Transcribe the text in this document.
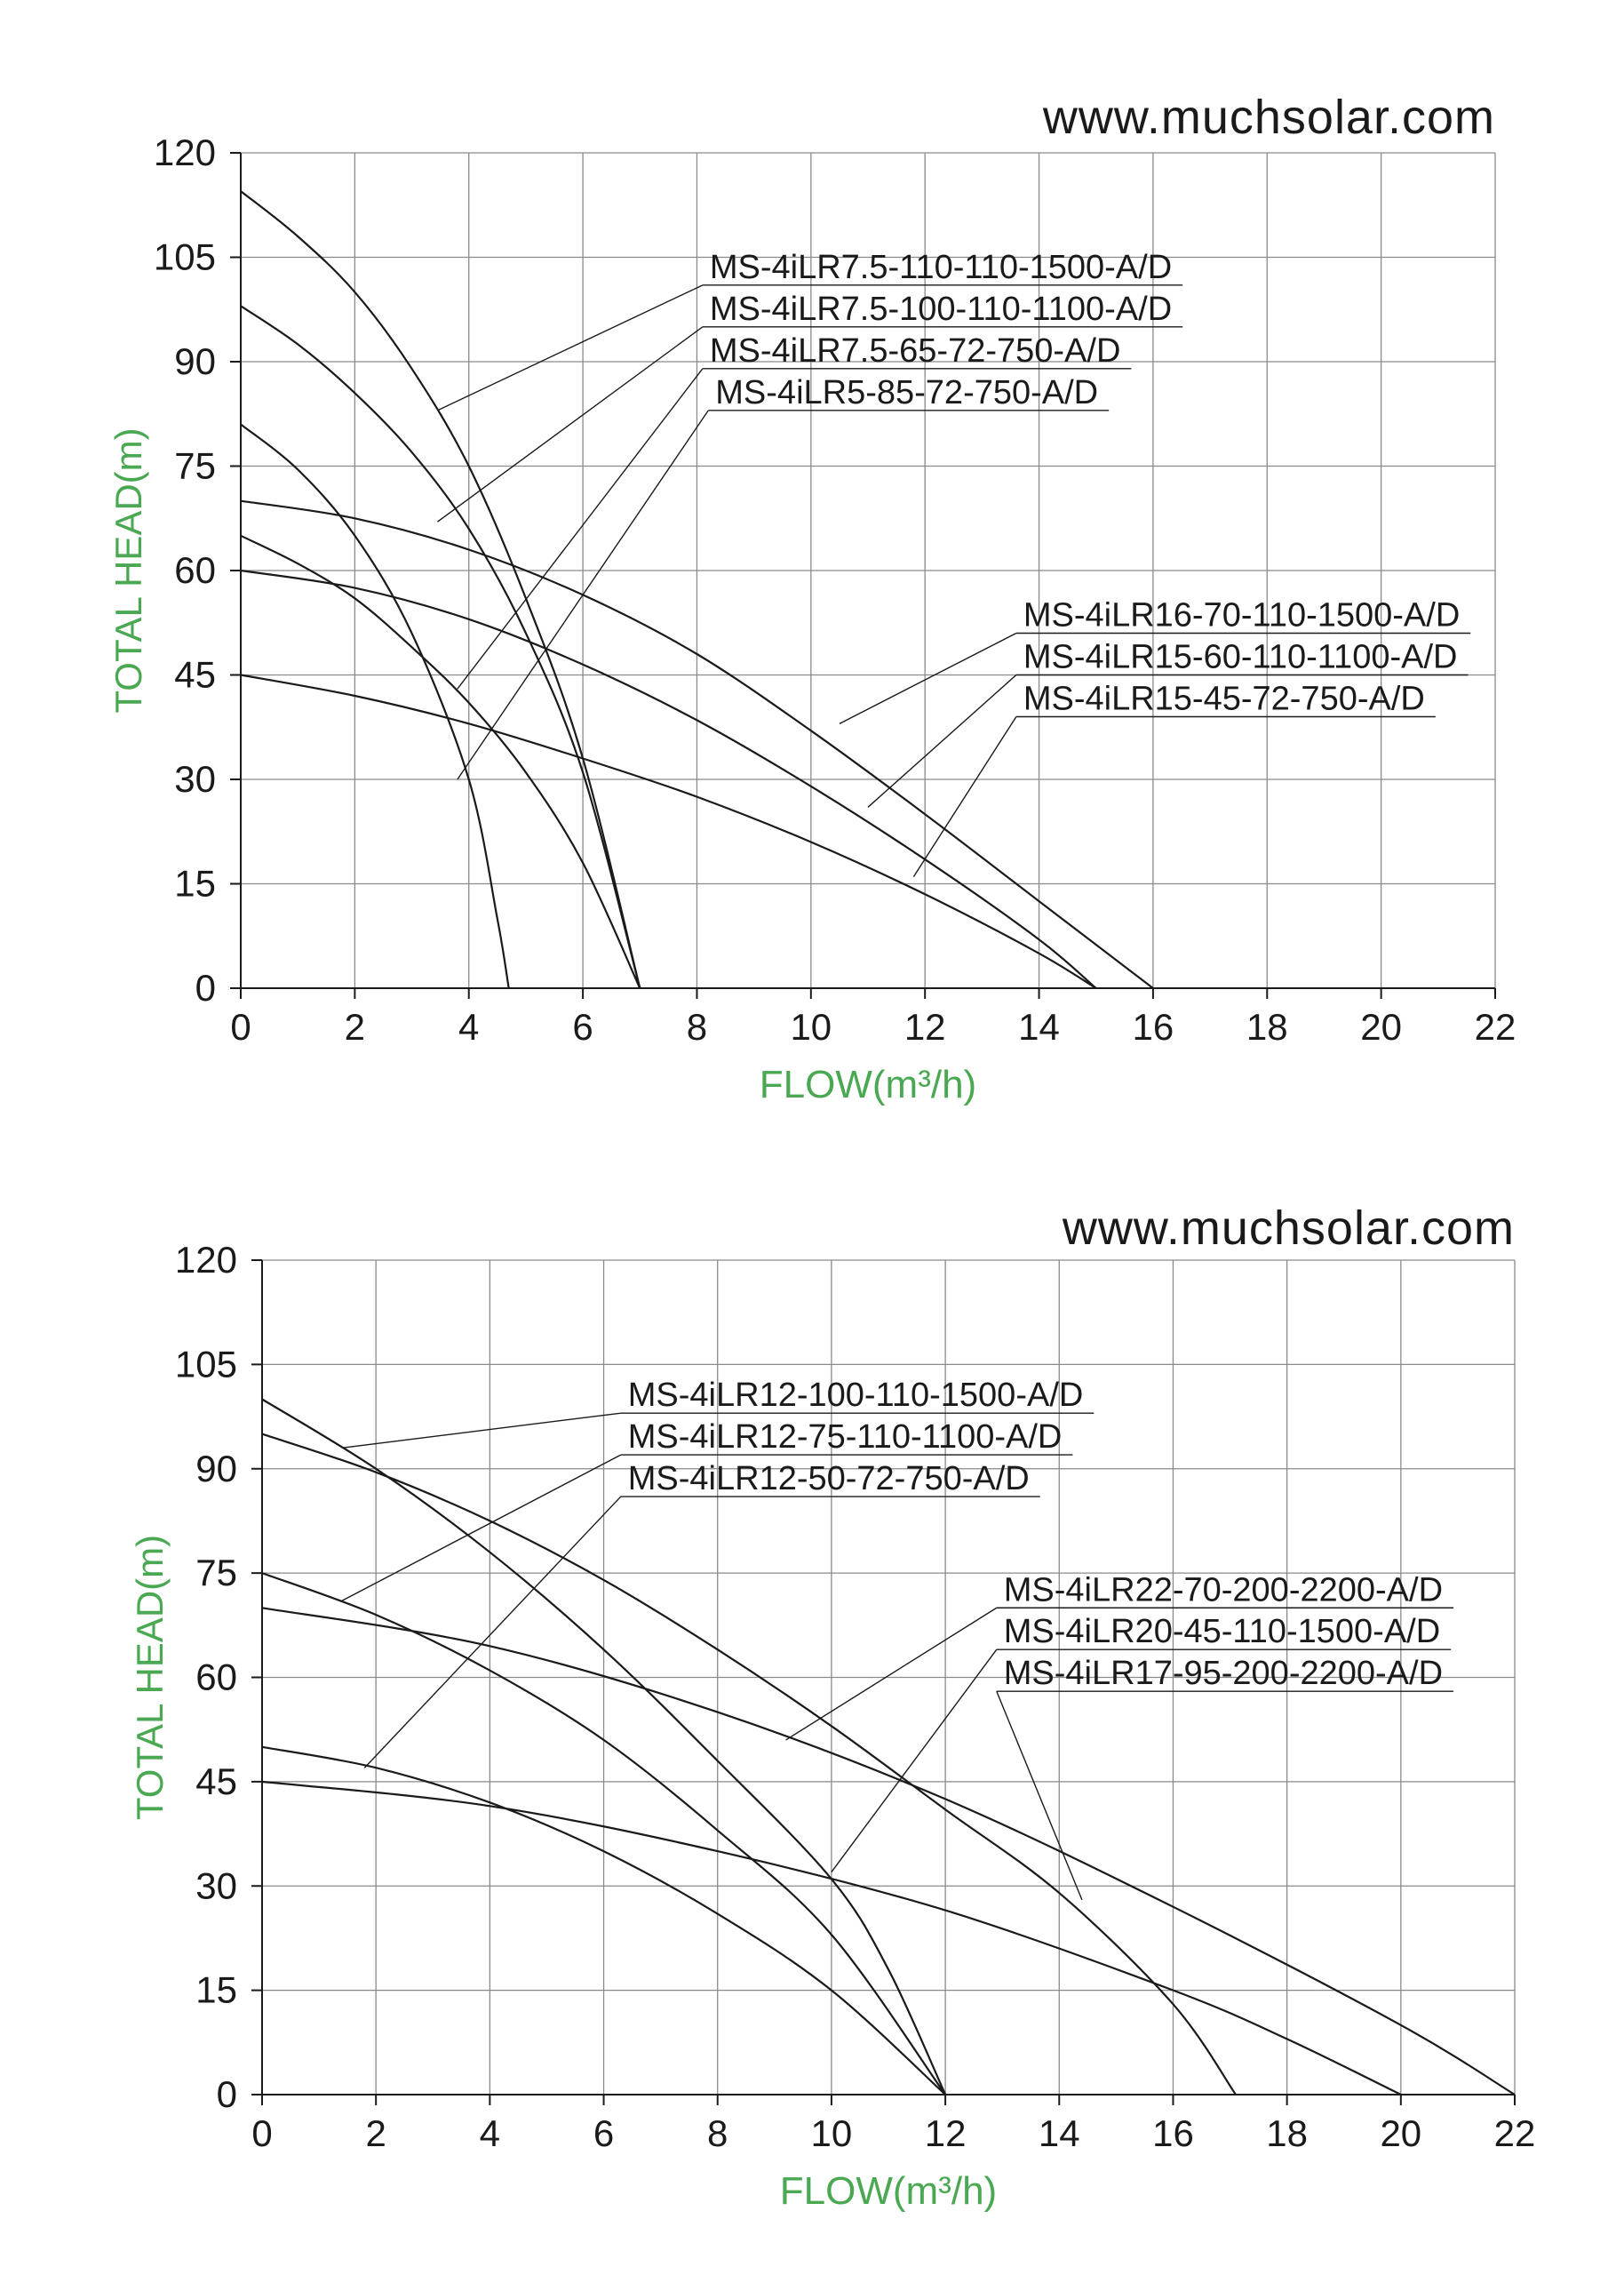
0
15
30
45
60
75
90
105
120
0	2	4	6	8 10 12 14 16 18 20 22
TOTAL HEAD(m)
FLOW(m³/h)
www.muchsolar.com
MS-4iLR7.5-110-110-1500-A/D
MS-4iLR7.5-100-110-1100-A/D
MS-4iLR7.5-65-72-750-A/D
MS-4iLR5-85-72-750-A/D
MS-4iLR16-70-110-1500-A/D
MS-4iLR15-60-110-1100-A/D
MS-4iLR15-45-72-750-A/D
0
15
30
45
60
75
90
105
120
0 2 4 6 8 10 12 14 16 18 20 22
TOTAL HEAD(m)
FLOW(m³/h)
www.muchsolar.com
MS-4iLR12-100-110-1500-A/D
MS-4iLR12-75-110-1100-A/D
MS-4iLR12-50-72-750-A/D
MS-4iLR22-70-200-2200-A/D
MS-4iLR20-45-110-1500-A/D
MS-4iLR17-95-200-2200-A/D
